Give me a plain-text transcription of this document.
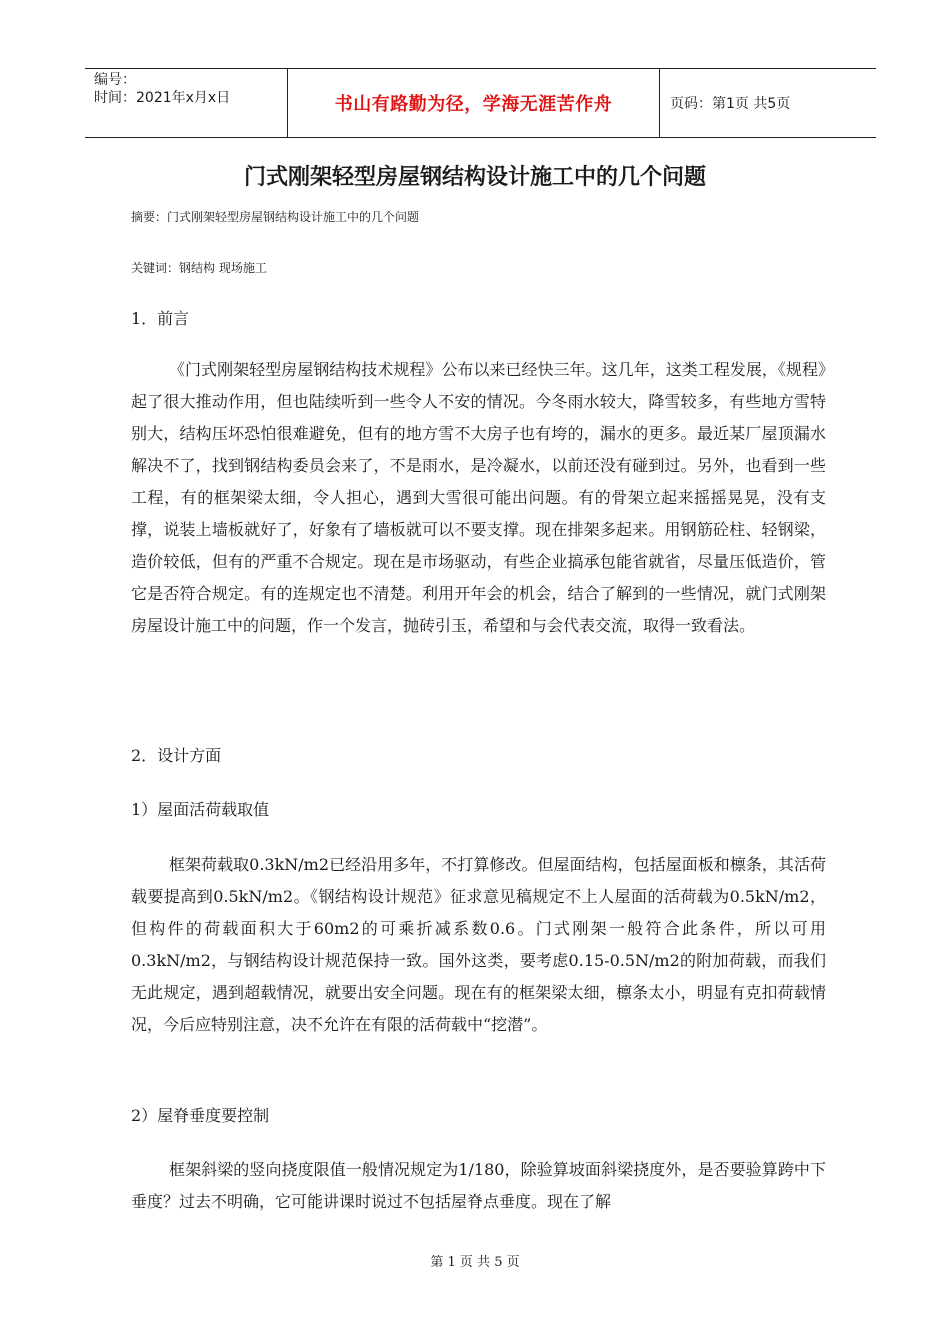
编号：
时间：2021年x月x日	书山有路勤为径，学海无涯苦作舟	页码：第1页 共5页
门式刚架轻型房屋钢结构设计施工中的几个问题
摘要：门式刚架轻型房屋钢结构设计施工中的几个问题
关键词：钢结构 现场施工
1．前言

《门式刚架轻型房屋钢结构技术规程》公布以来已经快三年。这几年，这类工程发展，《规程》起了很大推动作用，但也陆续听到一些令人不安的情况。今冬雨水较大，降雪较多，有些地方雪特别大，结构压坏恐怕很难避免，但有的地方雪不大房子也有垮的，漏水的更多。最近某厂屋顶漏水解决不了，找到钢结构委员会来了，不是雨水，是冷凝水，以前还没有碰到过。另外，也看到一些工程，有的框架梁太细，令人担心，遇到大雪很可能出问题。有的骨架立起来摇摇晃晃，没有支撑，说装上墙板就好了，好象有了墙板就可以不要支撑。现在排架多起来。用钢筋砼柱、轻钢梁，造价较低，但有的严重不合规定。现在是市场驱动，有些企业搞承包能省就省，尽量压低造价，管它是否符合规定。有的连规定也不清楚。利用开年会的机会，结合了解到的一些情况，就门式刚架房屋设计施工中的问题，作一个发言，抛砖引玉，希望和与会代表交流，取得一致看法。

2．设计方面
1）屋面活荷载取值

框架荷载取0.3kN/m2已经沿用多年，不打算修改。但屋面结构，包括屋面板和檩条，其活荷载要提高到0.5kN/m2。《钢结构设计规范》征求意见稿规定不上人屋面的活荷载为0.5kN/m2，但构件的荷载面积大于60m2的可乘折减系数0.6。门式刚架一般符合此条件，所以可用0.3kN/m2，与钢结构设计规范保持一致。国外这类，要考虑0.15-0.5N/m2的附加荷载，而我们无此规定，遇到超载情况，就要出安全问题。现在有的框架梁太细，檩条太小，明显有克扣荷载情况，今后应特别注意，决不允许在有限的活荷载中“挖潜”。

2）屋脊垂度要控制

框架斜梁的竖向挠度限值一般情况规定为1/180，除验算坡面斜梁挠度外，是否要验算跨中下垂度？过去不明确，它可能讲课时说过不包括屋脊点垂度。现在了解

第 1 页 共 5 页
